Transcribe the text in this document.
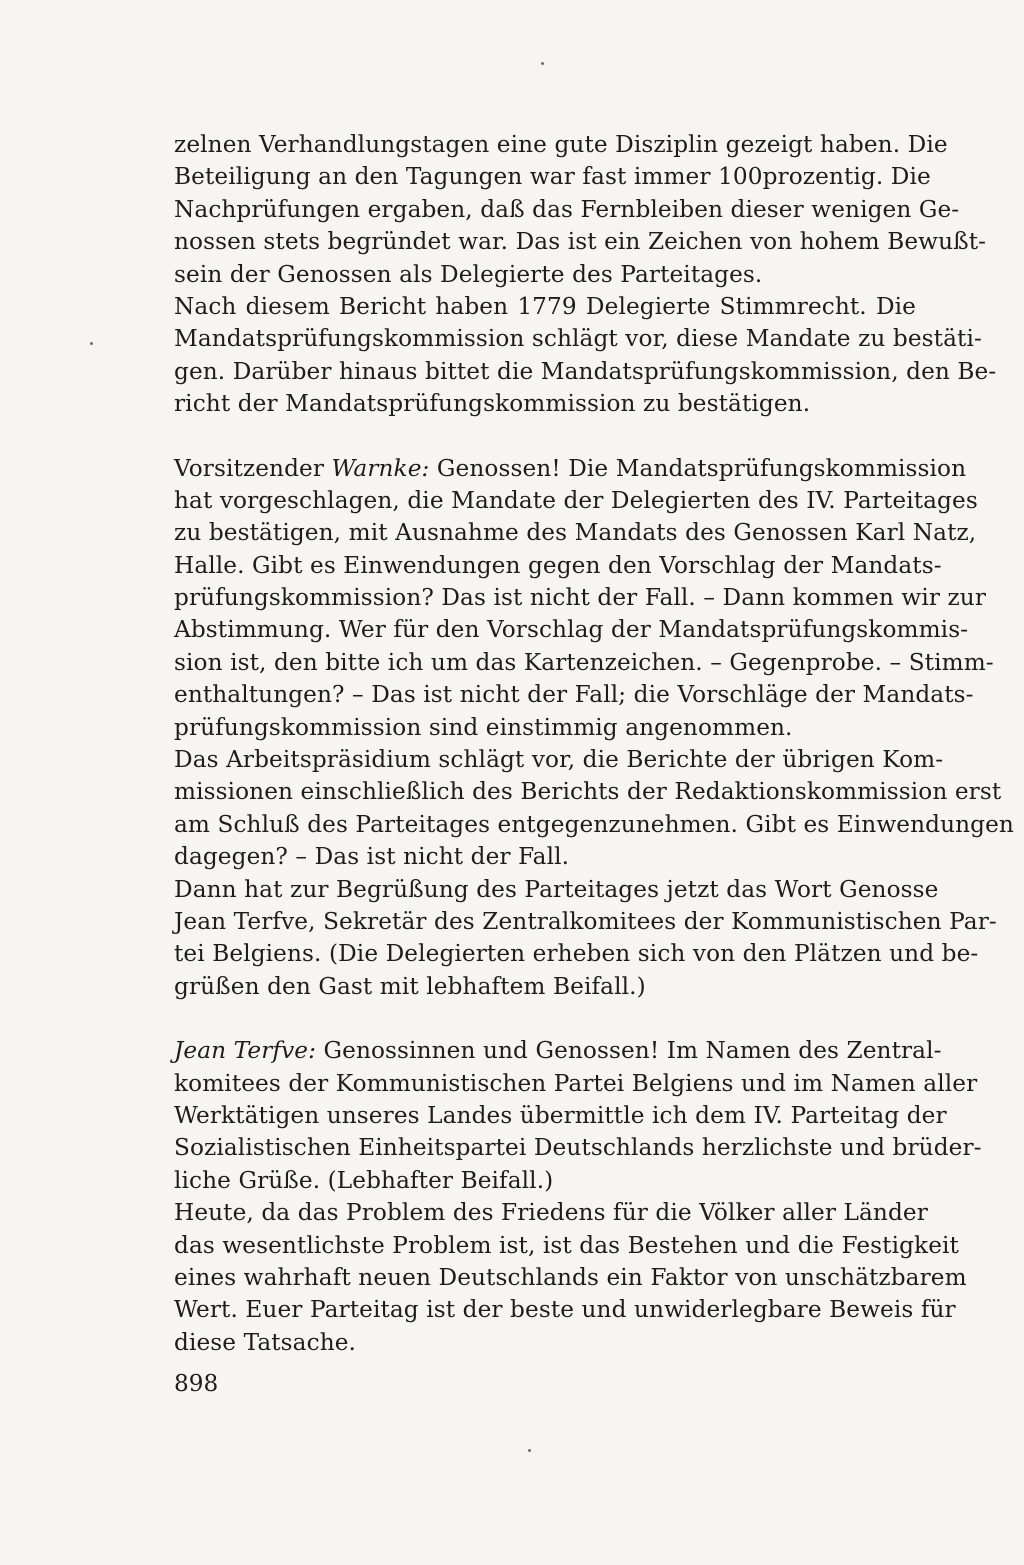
zelnen Verhandlungstagen eine gute Disziplin gezeigt haben. Die
Beteiligung an den Tagungen war fast immer 100prozentig. Die
Nachprüfungen ergaben, daß das Fernbleiben dieser wenigen Ge-
nossen stets begründet war. Das ist ein Zeichen von hohem Bewußt-
sein der Genossen als Delegierte des Parteitages.
Nach diesem Bericht haben 1779 Delegierte Stimmrecht. Die
Mandatsprüfungskommission schlägt vor, diese Mandate zu bestäti-
gen. Darüber hinaus bittet die Mandatsprüfungskommission, den Be-
richt der Mandatsprüfungskommission zu bestätigen.
Vorsitzender Warnke: Genossen! Die Mandatsprüfungskommission
hat vorgeschlagen, die Mandate der Delegierten des IV. Parteitages
zu bestätigen, mit Ausnahme des Mandats des Genossen Karl Natz,
Halle. Gibt es Einwendungen gegen den Vorschlag der Mandats-
prüfungskommission? Das ist nicht der Fall. – Dann kommen wir zur
Abstimmung. Wer für den Vorschlag der Mandatsprüfungskommis-
sion ist, den bitte ich um das Kartenzeichen. – Gegenprobe. – Stimm-
enthaltungen? – Das ist nicht der Fall; die Vorschläge der Mandats-
prüfungskommission sind einstimmig angenommen.
Das Arbeitspräsidium schlägt vor, die Berichte der übrigen Kom-
missionen einschließlich des Berichts der Redaktionskommission erst
am Schluß des Parteitages entgegenzunehmen. Gibt es Einwendungen
dagegen? – Das ist nicht der Fall.
Dann hat zur Begrüßung des Parteitages jetzt das Wort Genosse
Jean Terfve, Sekretär des Zentralkomitees der Kommunistischen Par-
tei Belgiens. (Die Delegierten erheben sich von den Plätzen und be-
grüßen den Gast mit lebhaftem Beifall.)
Jean Terfve: Genossinnen und Genossen! Im Namen des Zentral-
komitees der Kommunistischen Partei Belgiens und im Namen aller
Werktätigen unseres Landes übermittle ich dem IV. Parteitag der
Sozialistischen Einheitspartei Deutschlands herzlichste und brüder-
liche Grüße. (Lebhafter Beifall.)
Heute, da das Problem des Friedens für die Völker aller Länder
das wesentlichste Problem ist, ist das Bestehen und die Festigkeit
eines wahrhaft neuen Deutschlands ein Faktor von unschätzbarem
Wert. Euer Parteitag ist der beste und unwiderlegbare Beweis für
diese Tatsache.
898
